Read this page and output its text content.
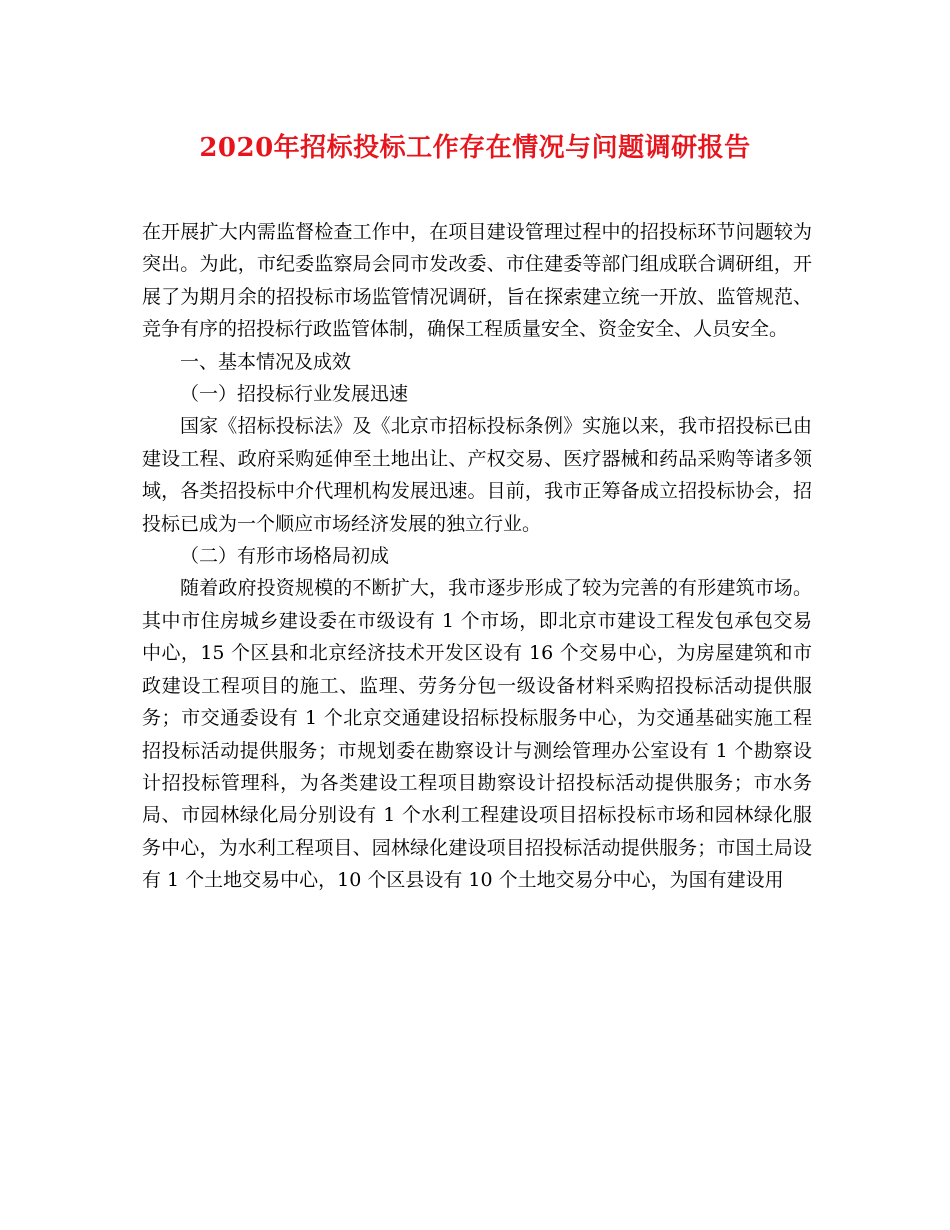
2020年招标投标工作存在情况与问题调研报告

在开展扩大内需监督检查工作中，在项目建设管理过程中的招投标环节问题较为突出。为此，市纪委监察局会同市发改委、市住建委等部门组成联合调研组，开展了为期月余的招投标市场监管情况调研，旨在探索建立统一开放、监管规范、竞争有序的招投标行政监管体制，确保工程质量安全、资金安全、人员安全。

一、基本情况及成效

（一）招投标行业发展迅速

国家《招标投标法》及《北京市招标投标条例》实施以来，我市招投标已由建设工程、政府采购延伸至土地出让、产权交易、医疗器械和药品采购等诸多领域，各类招投标中介代理机构发展迅速。目前，我市正筹备成立招投标协会，招投标已成为一个顺应市场经济发展的独立行业。

（二）有形市场格局初成

随着政府投资规模的不断扩大，我市逐步形成了较为完善的有形建筑市场。其中市住房城乡建设委在市级设有 1 个市场，即北京市建设工程发包承包交易中心，15 个区县和北京经济技术开发区设有 16 个交易中心，为房屋建筑和市政建设工程项目的施工、监理、劳务分包一级设备材料采购招投标活动提供服务；市交通委设有 1 个北京交通建设招标投标服务中心，为交通基础实施工程招投标活动提供服务；市规划委在勘察设计与测绘管理办公室设有 1 个勘察设计招投标管理科，为各类建设工程项目勘察设计招投标活动提供服务；市水务局、市园林绿化局分别设有 1 个水利工程建设项目招标投标市场和园林绿化服务中心，为水利工程项目、园林绿化建设项目招投标活动提供服务；市国土局设有 1 个土地交易中心，10 个区县设有 10 个土地交易分中心，为国有建设用
